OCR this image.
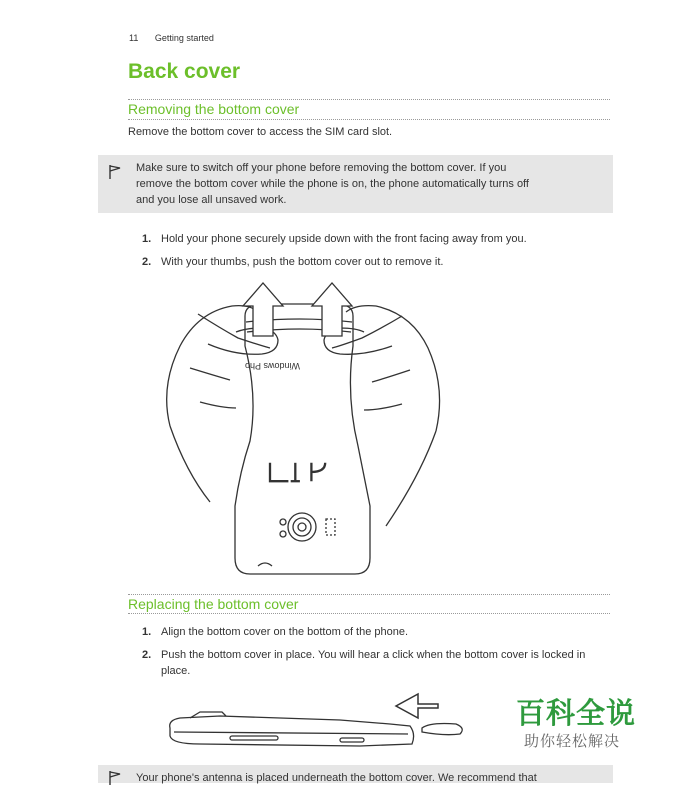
11 Getting started
Back cover
Removing the bottom cover
Remove the bottom cover to access the SIM card slot.
Make sure to switch off your phone before removing the bottom cover. If you
remove the bottom cover while the phone is on, the phone automatically turns off
and you lose all unsaved work.
1. Hold your phone securely upside down with the front facing away from you.
2. With your thumbs, push the bottom cover out to remove it.
Windows Pho
Replacing the bottom cover
1. Align the bottom cover on the bottom of the phone.
2. Push the bottom cover in place. You will hear a click when the bottom cover is locked in place.
百科全说
助你轻松解决
Your phone's antenna is placed underneath the bottom cover. We recommend that
